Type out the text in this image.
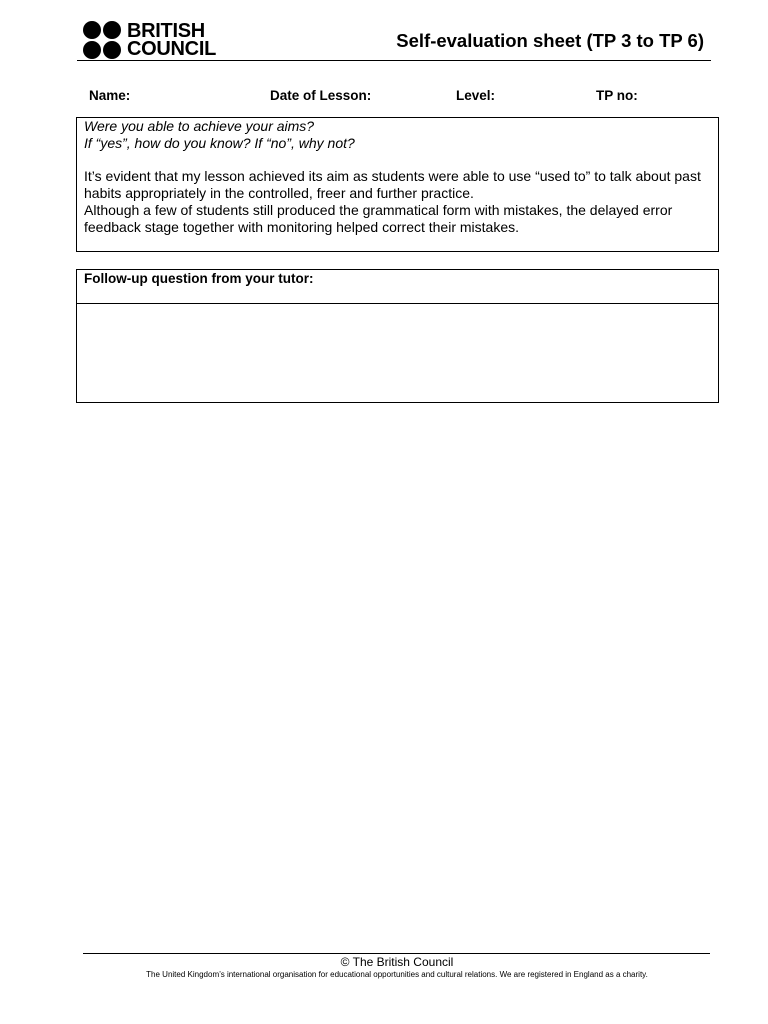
BRITISH
COUNCIL	Self-evaluation sheet (TP 3 to TP 6)
Name:	Date of Lesson:	Level:	TP no:
Were you able to achieve your aims?
If “yes”, how do you know? If “no”, why not?
It’s evident that my lesson achieved its aim as students were able to use “used to” to talk about past habits appropriately in the controlled, freer and further practice.
Although a few of students still produced the grammatical form with mistakes, the delayed error feedback stage together with monitoring helped correct their mistakes.
Follow-up question from your tutor:
© The British Council
The United Kingdom’s international organisation for educational opportunities and cultural relations. We are registered in England as a charity.
